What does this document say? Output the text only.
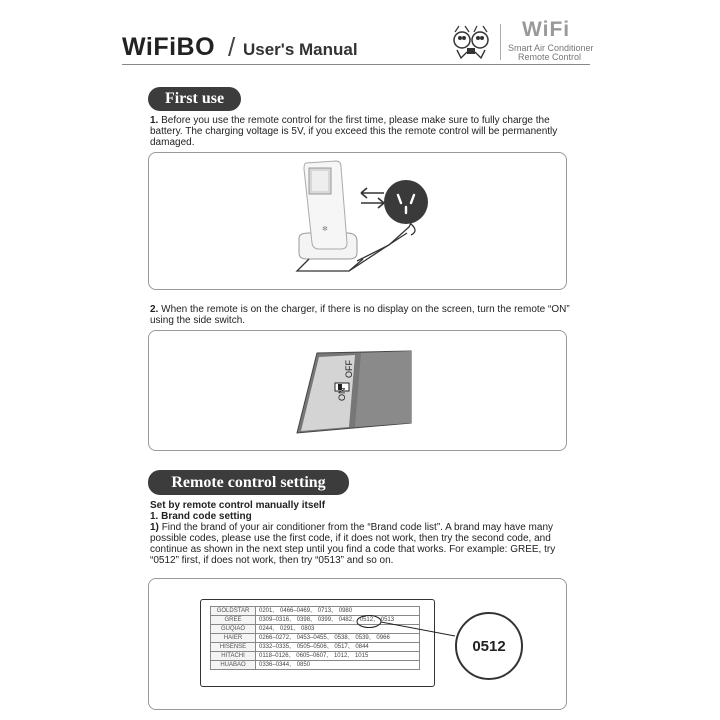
WiFiBO / User's Manual
WiFi
Smart Air Conditioner
Remote Control
First use
1. Before you use the remote control for the first time, please make sure to fully charge the battery. The charging voltage is 5V, if you exceed this the remote control will be permanently damaged.
✻
2. When the remote is on the charger, if there is no display on the screen, turn the remote “ON” using the side switch.
ON
OFF
Remote control setting
Set by remote control manually itself
1. Brand code setting
1) Find the brand of your air conditioner from the “Brand code list”. A brand may have many possible codes, please use the first code, if it does not work, then try the second code, and continue as shown in the next step until you find a code that works. For example: GREE, try “0512” first, if does not work, then try “0513” and so on.
GOLDSTAR	0201、 0466–0469、 0713、 0980
GREE	0309–0316、 0398、 0399、 0482、 0512、 0513
GUQIAO	0244、 0291、 0803
HAIER	0266–0272、 0453–0455、 0538、 0539、 0966
HISENSE	0332–0335、 0505–0506、 0517、 0844
HITACHI	0118–0126、 0605–0607、 1012、 1015
HUABAO	0336–0344、 0850
0512
